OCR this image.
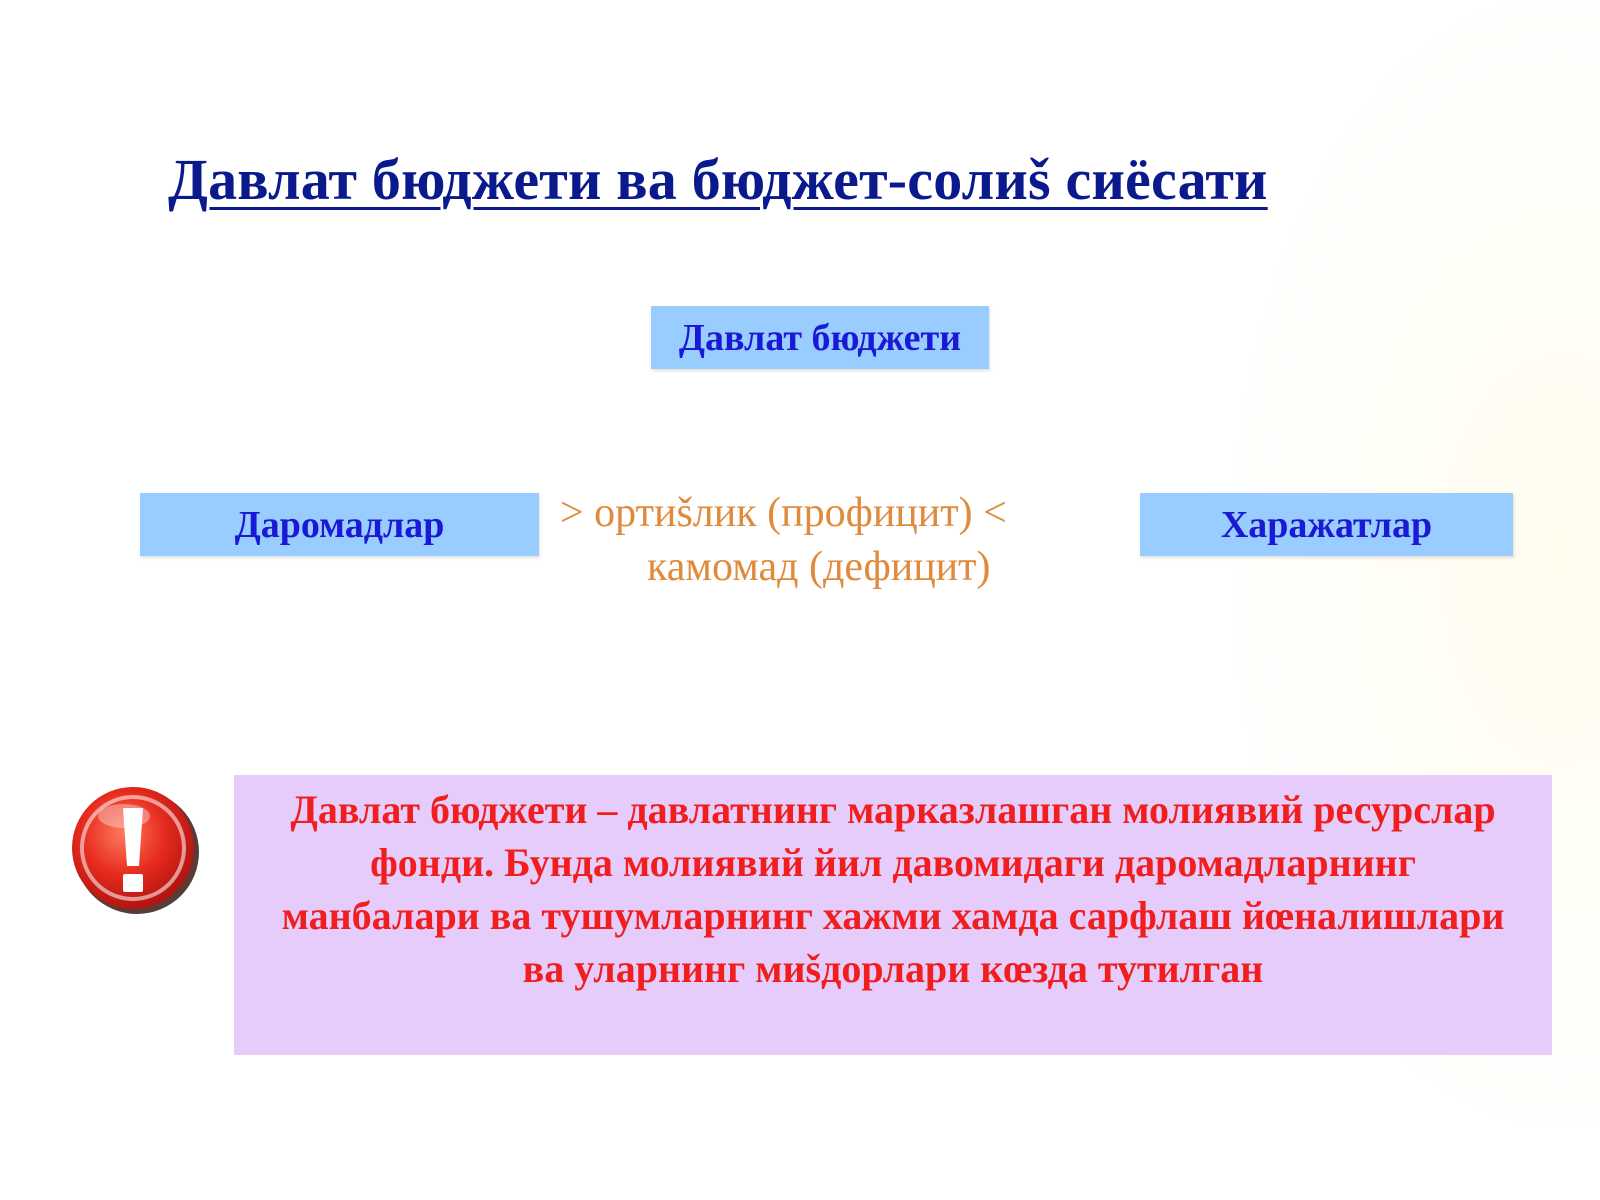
Давлат бюджети ва бюджет-солиš сиёсати
Давлат бюджети
Даромадлар	> ортиšлик (профицит) <
камомад (дефицит)
Харажатлар
Давлат бюджети – давлатнинг марказлашган молиявий ресурслар фонди. Бунда молиявий йил давомидаги даромадларнинг манбалари ва тушумларнинг хажми хамда сарфлаш йœналишлари ва уларнинг миšдорлари кœзда тутилган
